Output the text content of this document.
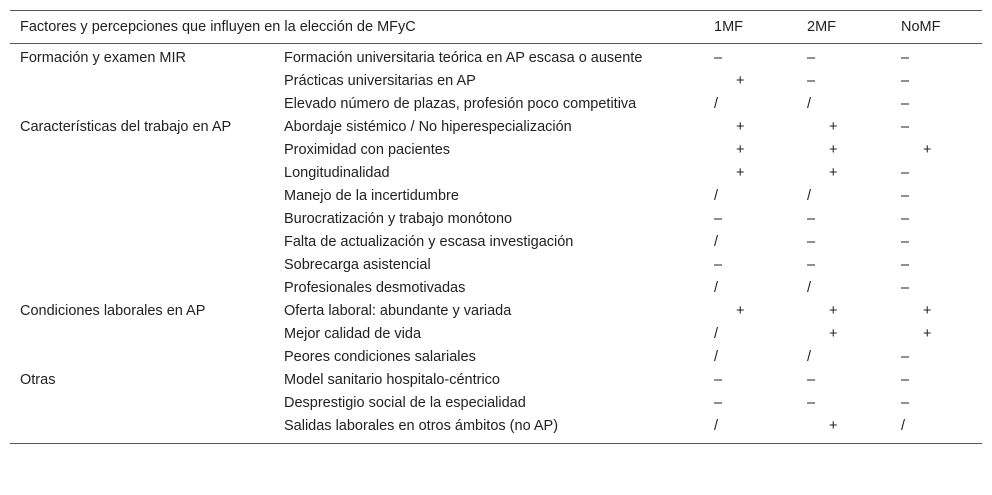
Factores y percepciones que influyen en la elección de MFyC		1MF	2MF	NoMF
Formación y examen MIR	Formación universitaria teórica en AP escasa o ausente	–	–	–
	Prácticas universitarias en AP	+	–	–
	Elevado número de plazas, profesión poco competitiva	/	/	–
Características del trabajo en AP	Abordaje sistémico / No hiperespecialización	+	+	–
	Proximidad con pacientes	+	+	+
	Longitudinalidad	+	+	–
	Manejo de la incertidumbre	/	/	–
	Burocratización y trabajo monótono	–	–	–
	Falta de actualización y escasa investigación	/	–	–
	Sobrecarga asistencial	–	–	–
	Profesionales desmotivadas	/	/	–
Condiciones laborales en AP	Oferta laboral: abundante y variada	+	+	+
	Mejor calidad de vida	/	+	+
	Peores condiciones salariales	/	/	–
Otras	Model sanitario hospitalo-céntrico	–	–	–
	Desprestigio social de la especialidad	–	–	–
	Salidas laborales en otros ámbitos (no AP)	/	+	/
